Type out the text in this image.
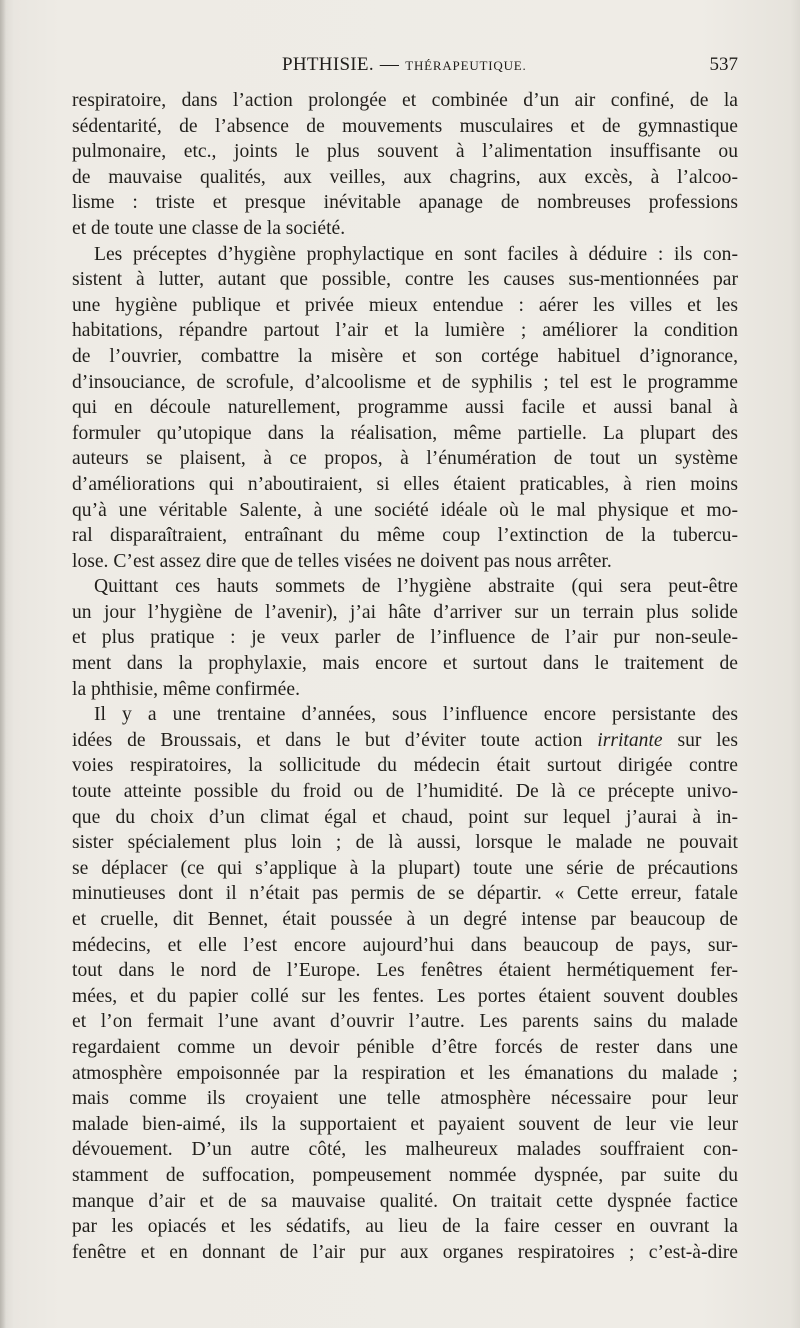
PHTHISIE. — THÉRAPEUTIQUE.	537
respiratoire, dans l’action prolongée et combinée d’un air confiné, de la
sédentarité, de l’absence de mouvements musculaires et de gymnastique
pulmonaire, etc., joints le plus souvent à l’alimentation insuffisante ou
de mauvaise qualités, aux veilles, aux chagrins, aux excès, à l’alcoo-
lisme : triste et presque inévitable apanage de nombreuses professions
et de toute une classe de la société.
Les préceptes d’hygiène prophylactique en sont faciles à déduire : ils con-
sistent à lutter, autant que possible, contre les causes sus-mentionnées par
une hygiène publique et privée mieux entendue : aérer les villes et les
habitations, répandre partout l’air et la lumière ; améliorer la condition
de l’ouvrier, combattre la misère et son cortége habituel d’ignorance,
d’insouciance, de scrofule, d’alcoolisme et de syphilis ; tel est le programme
qui en découle naturellement, programme aussi facile et aussi banal à
formuler qu’utopique dans la réalisation, même partielle. La plupart des
auteurs se plaisent, à ce propos, à l’énumération de tout un système
d’améliorations qui n’aboutiraient, si elles étaient praticables, à rien moins
qu’à une véritable Salente, à une société idéale où le mal physique et mo-
ral disparaîtraient, entraînant du même coup l’extinction de la tubercu-
lose. C’est assez dire que de telles visées ne doivent pas nous arrêter.
Quittant ces hauts sommets de l’hygiène abstraite (qui sera peut-être
un jour l’hygiène de l’avenir), j’ai hâte d’arriver sur un terrain plus solide
et plus pratique : je veux parler de l’influence de l’air pur non-seule-
ment dans la prophylaxie, mais encore et surtout dans le traitement de
la phthisie, même confirmée.
Il y a une trentaine d’années, sous l’influence encore persistante des
idées de Broussais, et dans le but d’éviter toute action irritante sur les
voies respiratoires, la sollicitude du médecin était surtout dirigée contre
toute atteinte possible du froid ou de l’humidité. De là ce précepte univo-
que du choix d’un climat égal et chaud, point sur lequel j’aurai à in-
sister spécialement plus loin ; de là aussi, lorsque le malade ne pouvait
se déplacer (ce qui s’applique à la plupart) toute une série de précautions
minutieuses dont il n’était pas permis de se départir. « Cette erreur, fatale
et cruelle, dit Bennet, était poussée à un degré intense par beaucoup de
médecins, et elle l’est encore aujourd’hui dans beaucoup de pays, sur-
tout dans le nord de l’Europe. Les fenêtres étaient hermétiquement fer-
mées, et du papier collé sur les fentes. Les portes étaient souvent doubles
et l’on fermait l’une avant d’ouvrir l’autre. Les parents sains du malade
regardaient comme un devoir pénible d’être forcés de rester dans une
atmosphère empoisonnée par la respiration et les émanations du malade ;
mais comme ils croyaient une telle atmosphère nécessaire pour leur
malade bien-aimé, ils la supportaient et payaient souvent de leur vie leur
dévouement. D’un autre côté, les malheureux malades souffraient con-
stamment de suffocation, pompeusement nommée dyspnée, par suite du
manque d’air et de sa mauvaise qualité. On traitait cette dyspnée factice
par les opiacés et les sédatifs, au lieu de la faire cesser en ouvrant la
fenêtre et en donnant de l’air pur aux organes respiratoires ; c’est-à-dire
